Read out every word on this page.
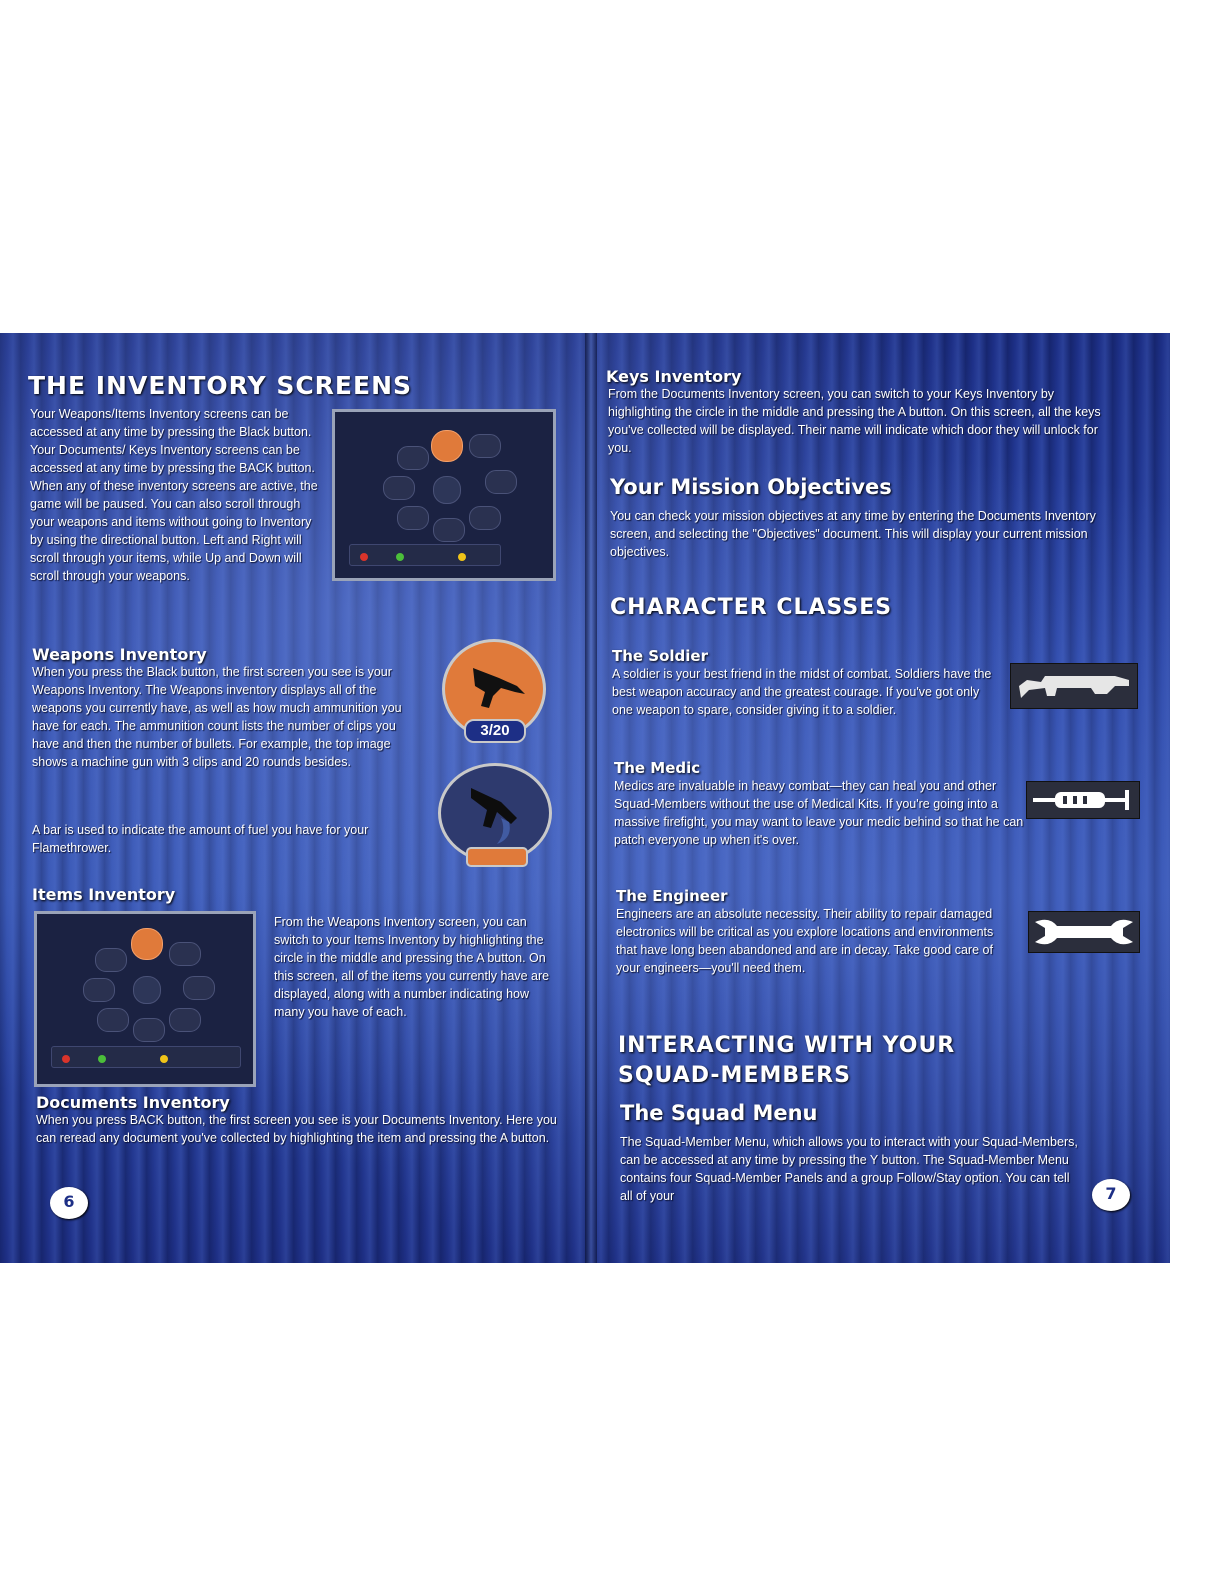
THE INVENTORY SCREENS

Your Weapons/Items Inventory screens can be accessed at any time by pressing the Black button. Your Documents/ Keys Inventory screens can be accessed at any time by pressing the BACK button. When any of these inventory screens are active, the game will be paused. You can also scroll through your weapons and items without going to Inventory by using the directional button. Left and Right will scroll through your items, while Up and Down will scroll through your weapons.

Weapons Inventory

When you press the Black button, the first screen you see is your Weapons Inventory. The Weapons inventory displays all of the weapons you currently have, as well as how much ammunition you have for each. The ammunition count lists the number of clips you have and then the number of bullets. For example, the top image shows a machine gun with 3 clips and 20 rounds besides.

3/20

A bar is used to indicate the amount of fuel you have for your Flamethrower.

Items Inventory

From the Weapons Inventory screen, you can switch to your Items Inventory by highlighting the circle in the middle and pressing the A button. On this screen, all of the items you currently have are displayed, along with a number indicating how many you have of each.

Documents Inventory

When you press BACK button, the first screen you see is your Documents Inventory. Here you can reread any document you've collected by highlighting the item and pressing the A button.

6
Keys Inventory

From the Documents Inventory screen, you can switch to your Keys Inventory by highlighting the circle in the middle and pressing the A button. On this screen, all the keys you've collected will be displayed. Their name will indicate which door they will unlock for you.

Your Mission Objectives

You can check your mission objectives at any time by entering the Documents Inventory screen, and selecting the "Objectives" document. This will display your current mission objectives.

CHARACTER CLASSES
The Soldier

A soldier is your best friend in the midst of combat. Soldiers have the best weapon accuracy and the greatest courage. If you've got only one weapon to spare, consider giving it to a soldier.

The Medic

Medics are invaluable in heavy combat—they can heal you and other Squad-Members without the use of Medical Kits. If you're going into a massive firefight, you may want to leave your medic behind so that he can patch everyone up when it's over.

The Engineer

Engineers are an absolute necessity. Their ability to repair damaged electronics will be critical as you explore locations and environments that have long been abandoned and are in decay. Take good care of your engineers—you'll need them.

INTERACTING WITH YOUR
SQUAD-MEMBERS
The Squad Menu

The Squad-Member Menu, which allows you to interact with your Squad-Members, can be accessed at any time by pressing the Y button. The Squad-Member Menu contains four Squad-Member Panels and a group Follow/Stay option. You can tell all of your	7
